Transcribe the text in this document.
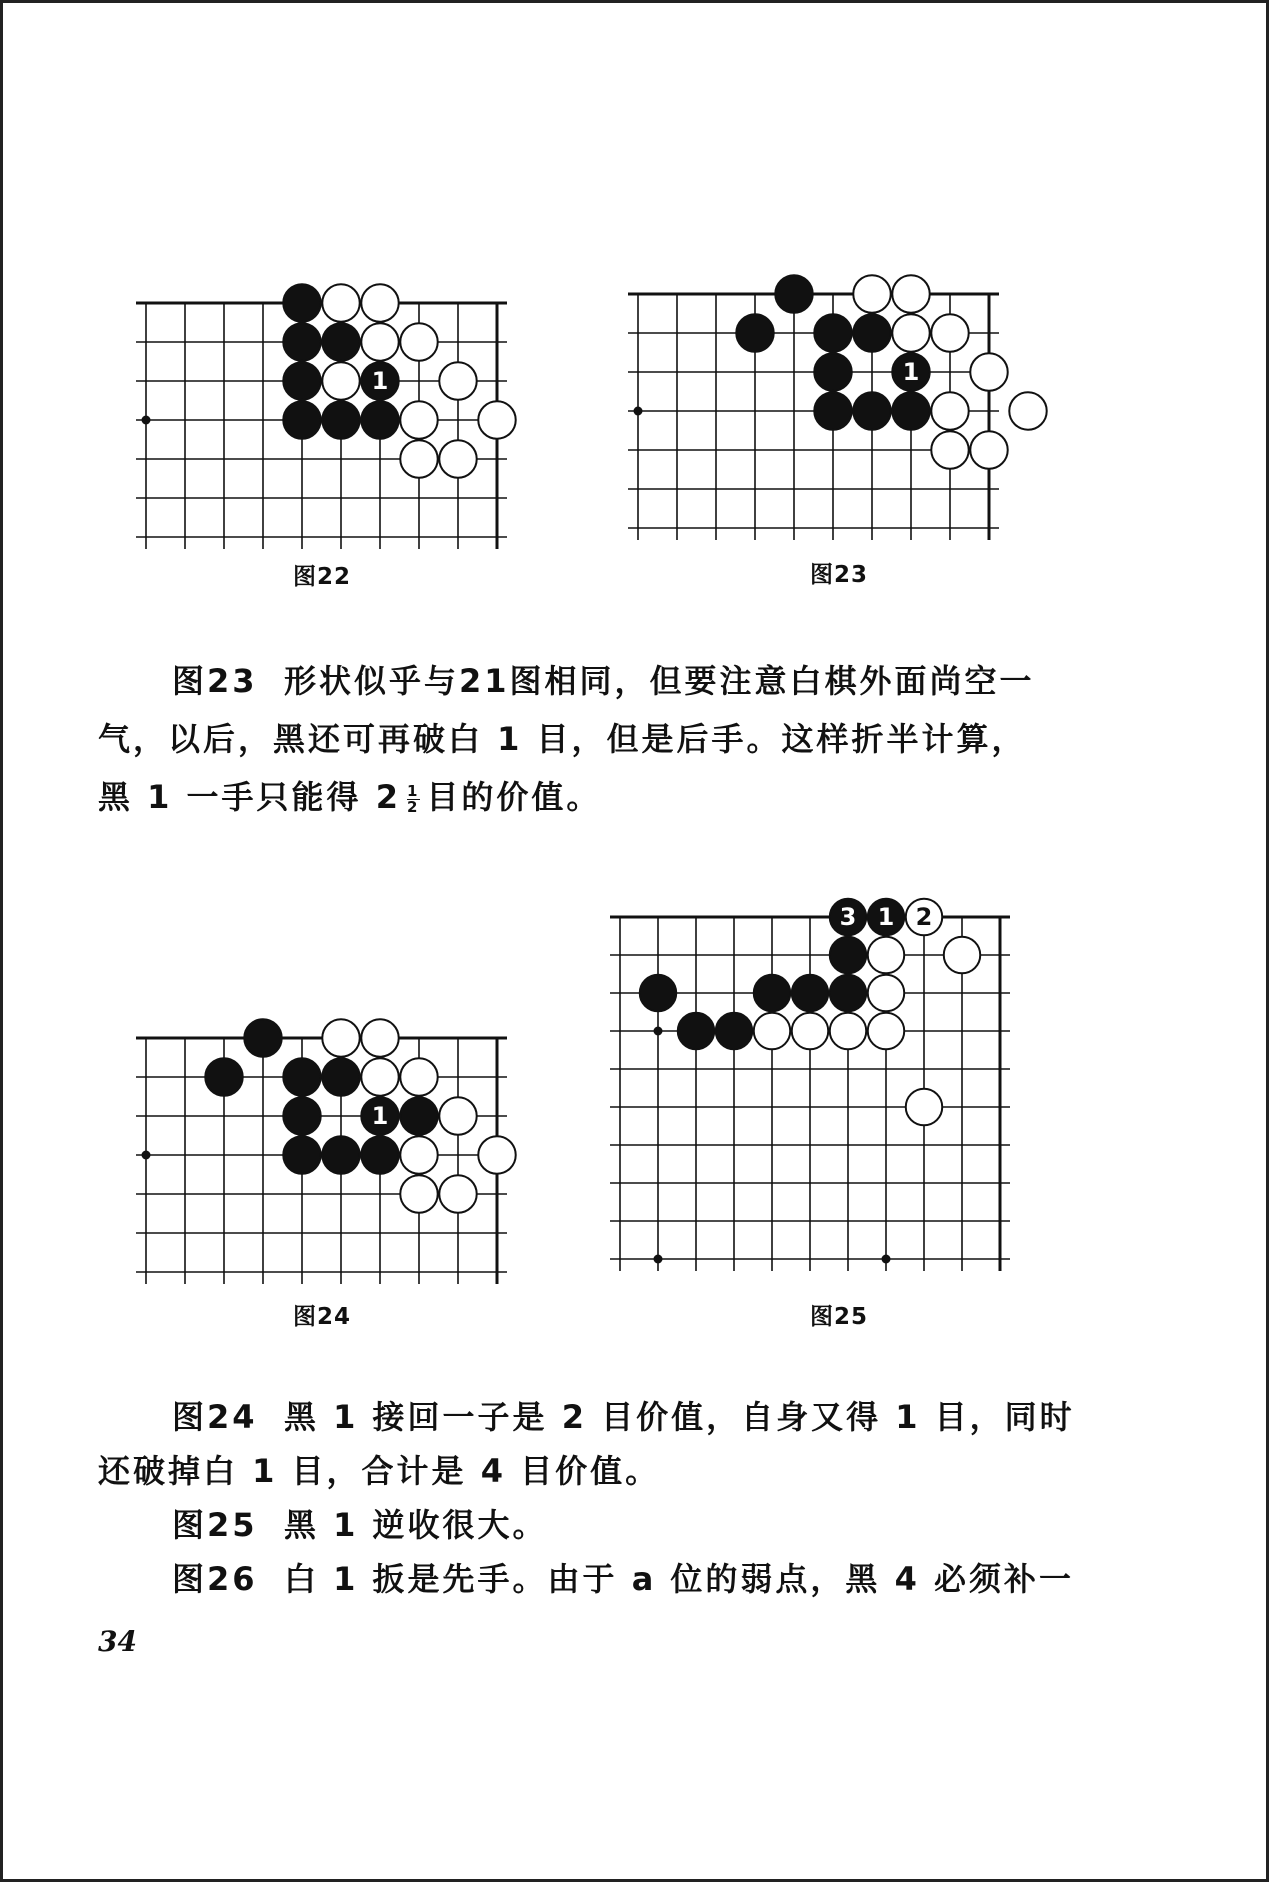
1
图22
1
图23
图23 形状似乎与21图相同，但要注意白棋外面尚空一
气，以后，黑还可再破白 1 目，但是后手。这样折半计算，
黑 1 一手只能得 $2 \frac{1}{2}$ 目的价值。
1
图24
3 1 2
图25
图24 黑 1 接回一子是 2 目价值，自身又得 1 目，同时
还破掉白 1 目，合计是 4 目价值。
图25 黑 1 逆收很大。
图26 白 1 扳是先手。由于 a 位的弱点，黑 4 必须补一
34
